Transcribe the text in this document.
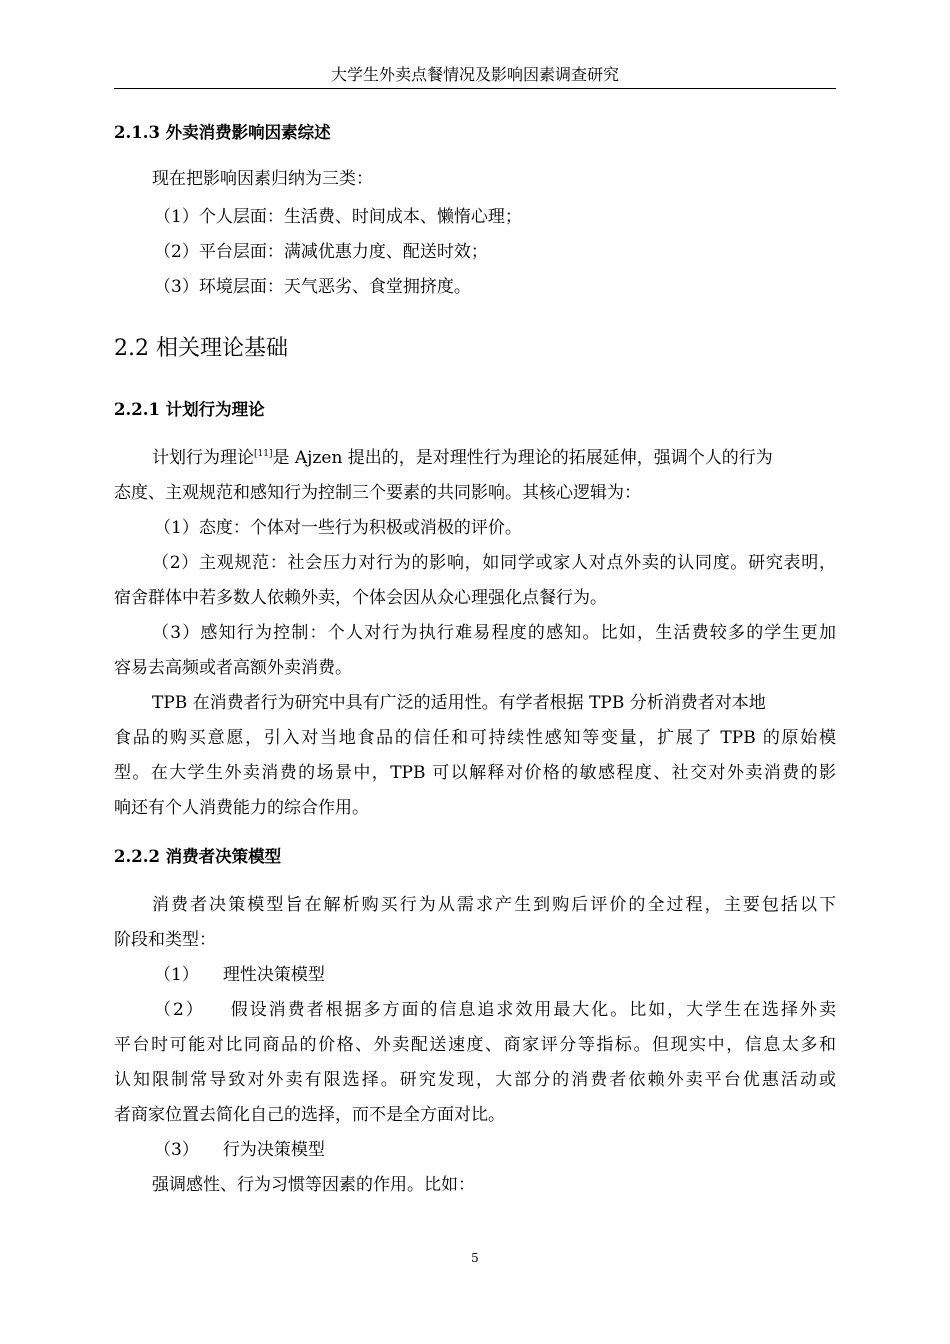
大学生外卖点餐情况及影响因素调查研究
2.1.3 外卖消费影响因素综述
现在把影响因素归纳为三类：
（1）个人层面：生活费、时间成本、懒惰心理；
（2）平台层面：满减优惠力度、配送时效；
（3）环境层面：天气恶劣、食堂拥挤度。
2.2 相关理论基础
2.2.1 计划行为理论
计划行为理论[11]是 Ajzen 提出的，是对理性行为理论的拓展延伸，强调个人的行为
态度、主观规范和感知行为控制三个要素的共同影响。其核心逻辑为：
（1）态度：个体对一些行为积极或消极的评价。
（2）主观规范：社会压力对行为的影响，如同学或家人对点外卖的认同度。研究表明，
宿舍群体中若多数人依赖外卖，个体会因从众心理强化点餐行为。
（3）感知行为控制：个人对行为执行难易程度的感知。比如，生活费较多的学生更加
容易去高频或者高额外卖消费。
TPB 在消费者行为研究中具有广泛的适用性。有学者根据 TPB 分析消费者对本地
食品的购买意愿，引入对当地食品的信任和可持续性感知等变量，扩展了 TPB 的原始模
型。在大学生外卖消费的场景中，TPB 可以解释对价格的敏感程度、社交对外卖消费的影
响还有个人消费能力的综合作用。
2.2.2 消费者决策模型
消费者决策模型旨在解析购买行为从需求产生到购后评价的全过程，主要包括以下
阶段和类型：
（1） 理性决策模型
（2） 假设消费者根据多方面的信息追求效用最大化。比如，大学生在选择外卖
平台时可能对比同商品的价格、外卖配送速度、商家评分等指标。但现实中，信息太多和
认知限制常导致对外卖有限选择。研究发现，大部分的消费者依赖外卖平台优惠活动或
者商家位置去简化自己的选择，而不是全方面对比。
（3） 行为决策模型
强调感性、行为习惯等因素的作用。比如：
5
